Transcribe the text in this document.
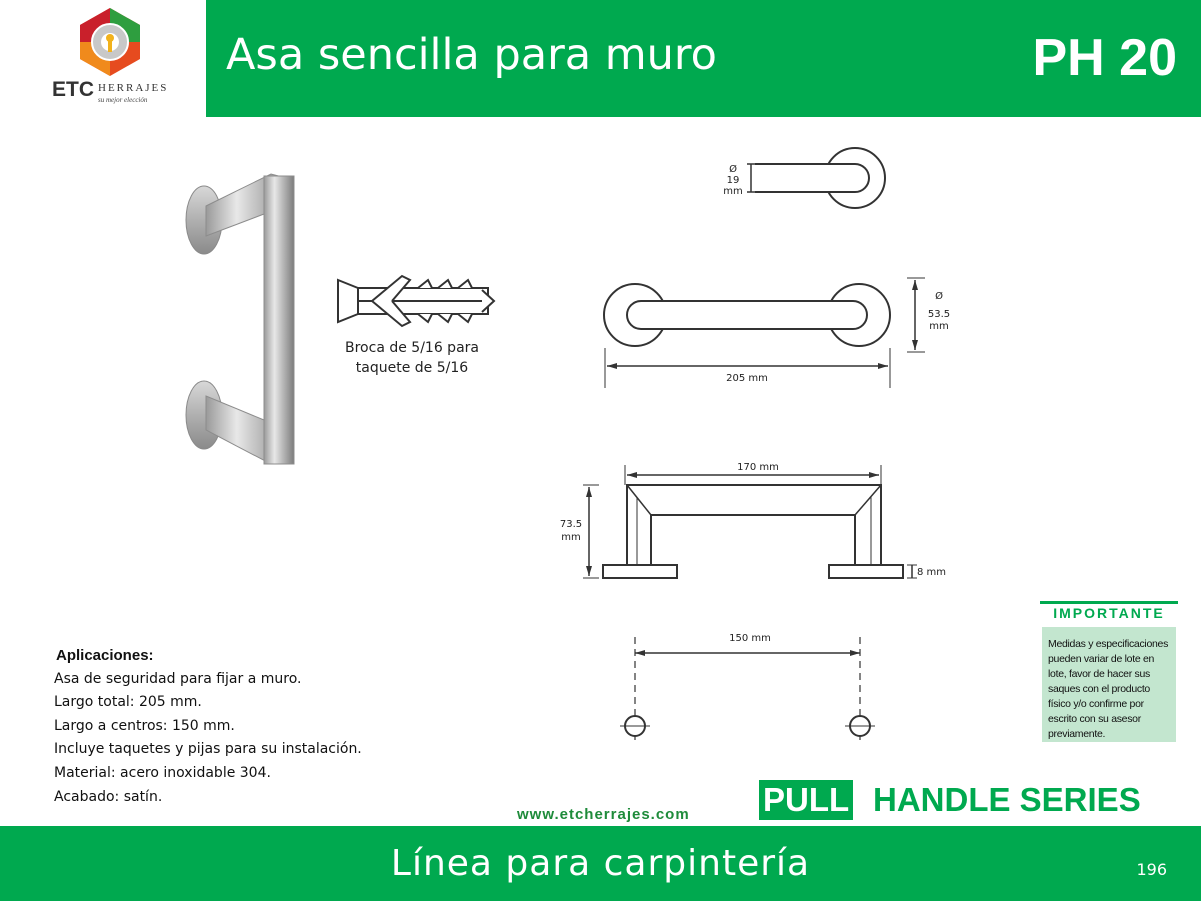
ETC HERRAJES
su mejor elección
Asa sencilla para muro	PH 20
Broca de 5/16 para
taquete de 5/16
Ø
19
mm
205 mm
Ø
53.5
mm
170 mm
73.5
mm
8 mm
150 mm
Aplicaciones:
Asa de seguridad para fijar a muro.
Largo total: 205 mm.
Largo a centros: 150 mm.
Incluye taquetes y pijas para su instalación.
Material: acero inoxidable 304.
Acabado: satín.
IMPORTANTE
Medidas y especificaciones pueden variar de lote en lote, favor de hacer sus saques con el producto físico y/o confirme por escrito con su asesor previamente.
www.etcherrajes.com PULL HANDLE SERIES
Línea para carpintería	196
